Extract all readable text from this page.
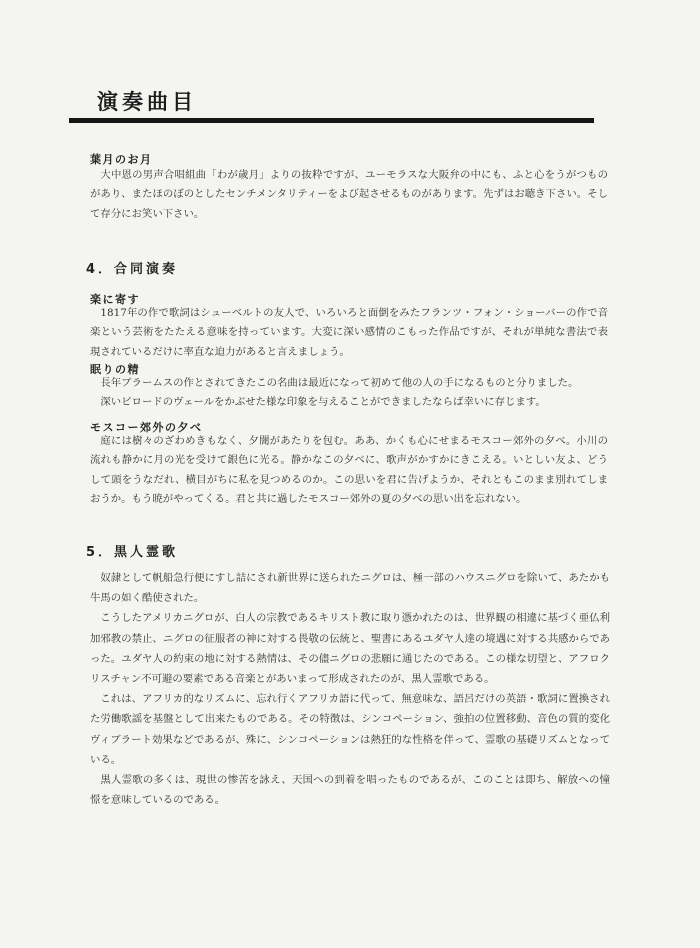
演奏曲目
葉月のお月

大中恩の男声合唱組曲「わが歳月」よりの抜粋ですが、ユーモラスな大阪弁の中にも、ふと心をうがつものがあり、またほのぼのとしたセンチメンタリティーをよび起させるものがあります。先ずはお聴き下さい。そして存分にお笑い下さい。

4．合同演奏
楽に寄す

1817年の作で歌詞はシューベルトの友人で、いろいろと面倒をみたフランツ・フォン・ショーバーの作で音楽という芸術をたたえる意味を持っています。大変に深い感情のこもった作品ですが、それが単純な書法で表現されているだけに率直な迫力があると言えましょう。

眠りの精

長年ブラームスの作とされてきたこの名曲は最近になって初めて他の人の手になるものと分りました。

深いビロードのヴェールをかぶせた様な印象を与えることができましたならば幸いに存じます。

モスコー郊外の夕べ

庭には樹々のざわめきもなく、夕闇があたりを包む。ああ、かくも心にせまるモスコー郊外の夕べ。小川の流れも静かに月の光を受けて銀色に光る。静かなこの夕べに、歌声がかすかにきこえる。いとしい友よ、どうして頭をうなだれ、横目がちに私を見つめるのか。この思いを君に告げようか、それともこのまま別れてしまおうか。もう暁がやってくる。君と共に過したモスコー郊外の夏の夕べの思い出を忘れない。

5．黒人霊歌

奴隷として帆船急行便にすし詰にされ新世界に送られたニグロは、極一部のハウスニグロを除いて、あたかも牛馬の如く酷使された。

こうしたアメリカニグロが、白人の宗教であるキリスト教に取り憑かれたのは、世界観の相違に基づく亜仏利加邪教の禁止、ニグロの征服者の神に対する畏敬の伝統と、聖書にあるユダヤ人達の境遇に対する共感からであった。ユダヤ人の約束の地に対する熱情は、その儘ニグロの悲願に通じたのである。この様な切望と、アフロクリスチャン不可避の要素である音楽とがあいまって形成されたのが、黒人霊歌である。

これは、アフリカ的なリズムに、忘れ行くアフリカ語に代って、無意味な、語呂だけの英語・歌詞に置換された労働歌謡を基盤として出来たものである。その特徴は、シンコペーション、強拍の位置移動、音色の質的変化ヴィブラート効果などであるが、殊に、シンコペーションは熱狂的な性格を伴って、霊歌の基礎リズムとなっている。

黒人霊歌の多くは、現世の惨苦を詠え、天国への到着を唱ったものであるが、このことは即ち、解放への憧憬を意味しているのである。
